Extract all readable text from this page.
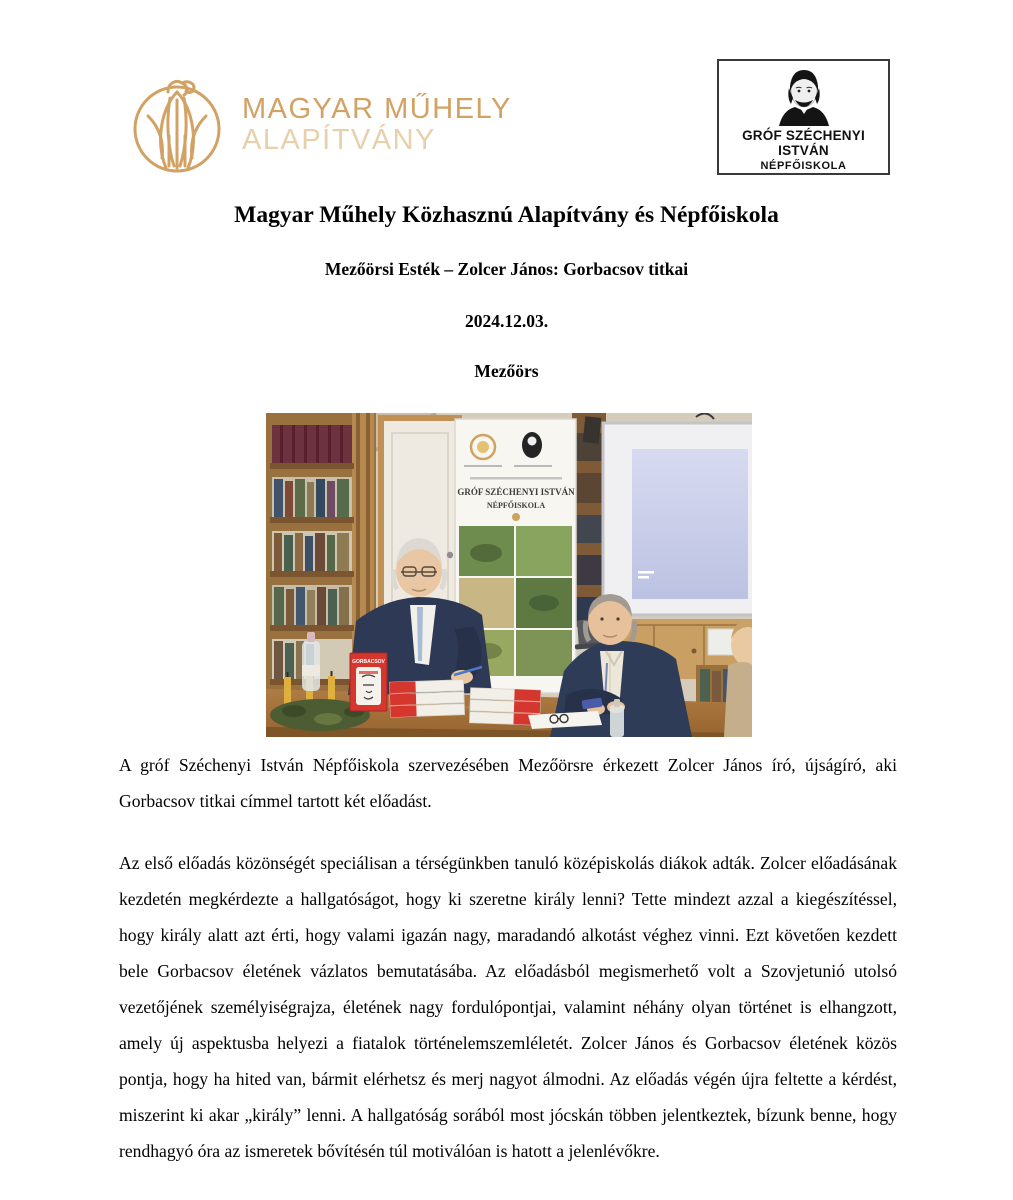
MAGYAR MŰHELY
ALAPÍTVÁNY	GRÓF SZÉCHENYI ISTVÁN
NÉPFŐISKOLA
Magyar Műhely Közhasznú Alapítvány és Népfőiskola
Mezőörsi Esték – Zolcer János: Gorbacsov titkai
2024.12.03.
Mezőörs
GRÓF SZÉCHENYI ISTVÁN
NÉPFŐISKOLA
GORBACSOV

A gróf Széchenyi István Népfőiskola szervezésében Mezőörsre érkezett Zolcer János író, újságíró, aki Gorbacsov titkai címmel tartott két előadást.

Az első előadás közönségét speciálisan a térségünkben tanuló középiskolás diákok adták. Zolcer előadásának kezdetén megkérdezte a hallgatóságot, hogy ki szeretne király lenni? Tette mindezt azzal a kiegészítéssel, hogy király alatt azt érti, hogy valami igazán nagy, maradandó alkotást véghez vinni. Ezt követően kezdett bele Gorbacsov életének vázlatos bemutatásába. Az előadásból megismerhető volt a Szovjetunió utolsó vezetőjének személyiségrajza, életének nagy fordulópontjai, valamint néhány olyan történet is elhangzott, amely új aspektusba helyezi a fiatalok történelemszemléletét. Zolcer János és Gorbacsov életének közös pontja, hogy ha hited van, bármit elérhetsz és merj nagyot álmodni. Az előadás végén újra feltette a kérdést, miszerint ki akar „király” lenni. A hallgatóság sorából most jócskán többen jelentkeztek, bízunk benne, hogy rendhagyó óra az ismeretek bővítésén túl motiválóan is hatott a jelenlévőkre.
